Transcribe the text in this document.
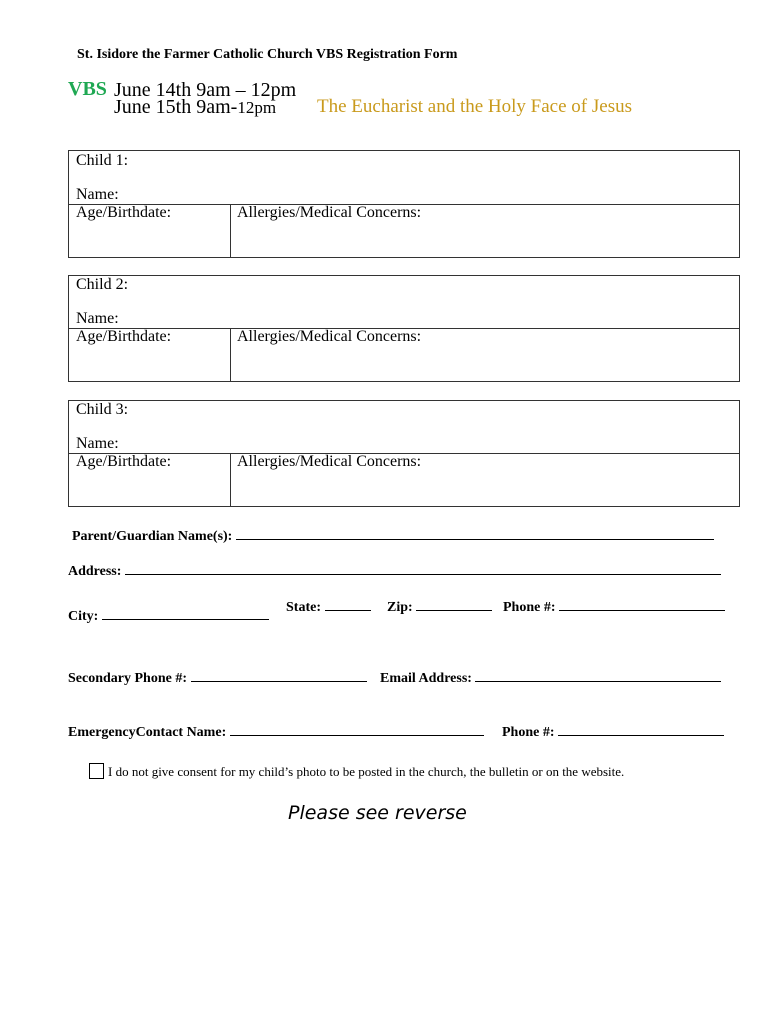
St. Isidore the Farmer Catholic Church VBS Registration Form
VBS June 14th 9am – 12pm
June 15th 9am-12pm The Eucharist and the Holy Face of Jesus
Child 1:
Name:
Age/Birthdate:	Allergies/Medical Concerns:
Child 2:
Name:
Age/Birthdate:	Allergies/Medical Concerns:
Child 3:
Name:
Age/Birthdate:	Allergies/Medical Concerns:
Parent/Guardian Name(s):
Address:
City:
State:	Zip:	Phone #:
Secondary Phone #:	Email Address:
EmergencyContact Name:	Phone #:
I do not give consent for my child’s photo to be posted in the church, the bulletin or on the website.
Please see reverse
